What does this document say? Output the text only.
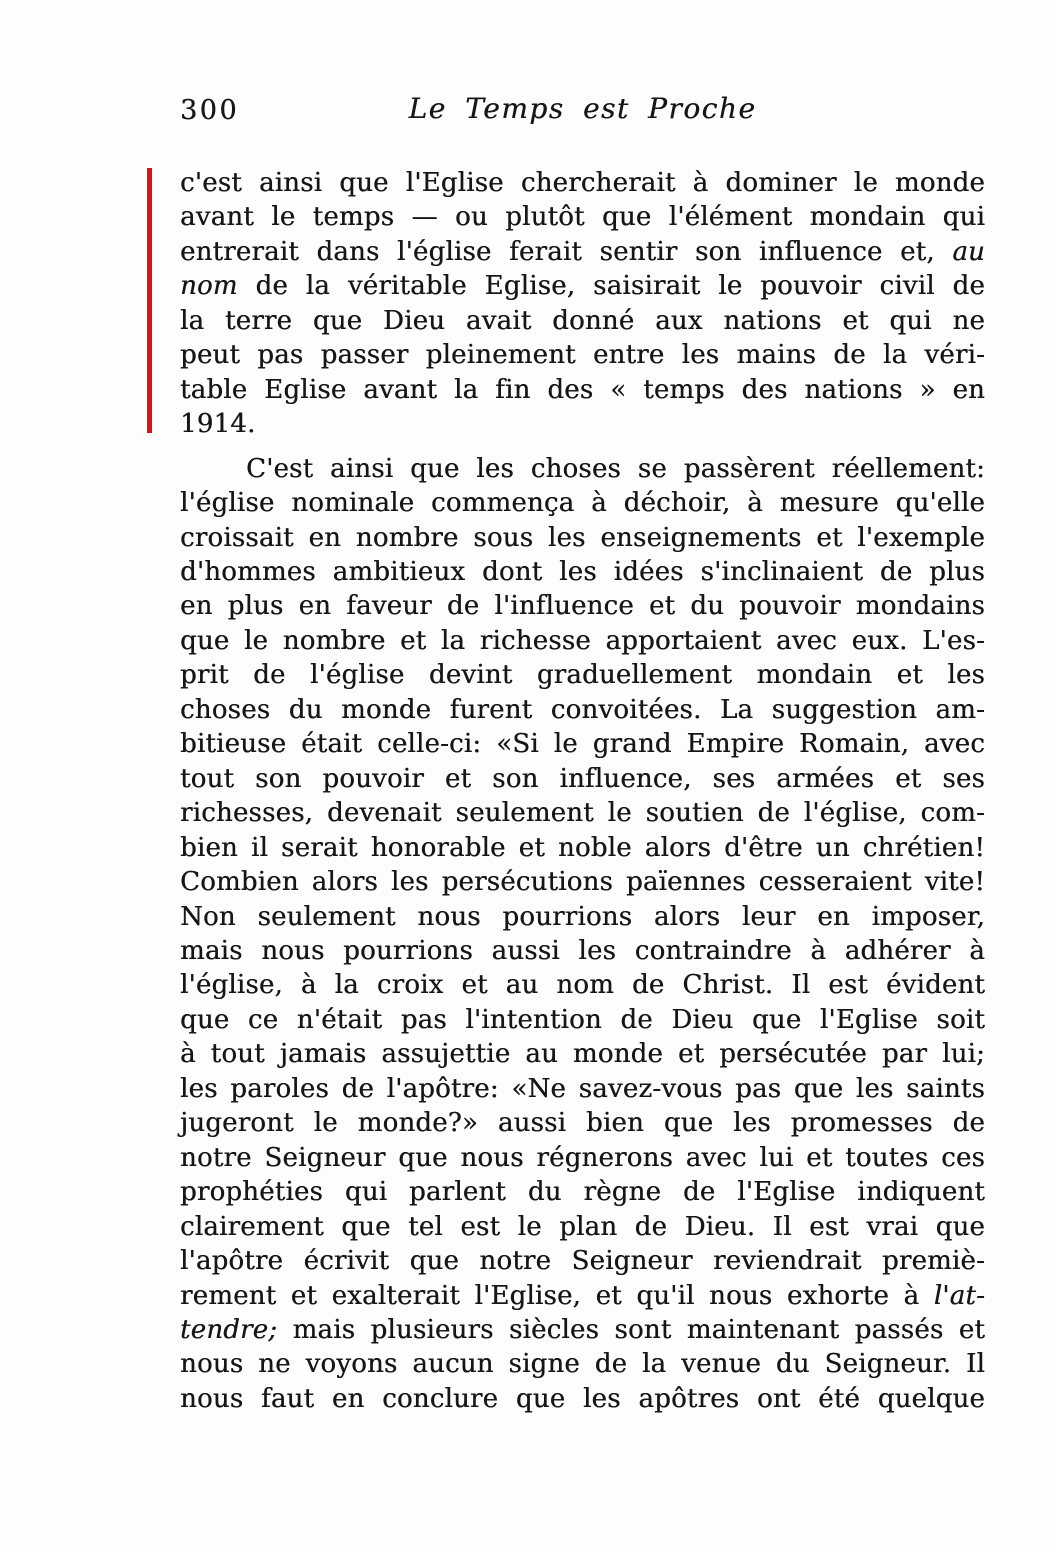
300	Le Temps est Proche
c'est ainsi que l'Eglise chercherait à dominer le monde
avant le temps — ou plutôt que l'élément mondain qui
entrerait dans l'église ferait sentir son influence et, au
nom de la véritable Eglise, saisirait le pouvoir civil de
la terre que Dieu avait donné aux nations et qui ne
peut pas passer pleinement entre les mains de la véri-
table Eglise avant la fin des « temps des nations » en
1914.
C'est ainsi que les choses se passèrent réellement:
l'église nominale commença à déchoir, à mesure qu'elle
croissait en nombre sous les enseignements et l'exemple
d'hommes ambitieux dont les idées s'inclinaient de plus
en plus en faveur de l'influence et du pouvoir mondains
que le nombre et la richesse apportaient avec eux. L'es-
prit de l'église devint graduellement mondain et les
choses du monde furent convoitées. La suggestion am-
bitieuse était celle-ci: «Si le grand Empire Romain, avec
tout son pouvoir et son influence, ses armées et ses
richesses, devenait seulement le soutien de l'église, com-
bien il serait honorable et noble alors d'être un chrétien!
Combien alors les persécutions païennes cesseraient vite!
Non seulement nous pourrions alors leur en imposer,
mais nous pourrions aussi les contraindre à adhérer à
l'église, à la croix et au nom de Christ. Il est évident
que ce n'était pas l'intention de Dieu que l'Eglise soit
à tout jamais assujettie au monde et persécutée par lui;
les paroles de l'apôtre: «Ne savez-vous pas que les saints
jugeront le monde?» aussi bien que les promesses de
notre Seigneur que nous régnerons avec lui et toutes ces
prophéties qui parlent du règne de l'Eglise indiquent
clairement que tel est le plan de Dieu. Il est vrai que
l'apôtre écrivit que notre Seigneur reviendrait premiè-
rement et exalterait l'Eglise, et qu'il nous exhorte à l'at-
tendre; mais plusieurs siècles sont maintenant passés et
nous ne voyons aucun signe de la venue du Seigneur. Il
nous faut en conclure que les apôtres ont été quelque
